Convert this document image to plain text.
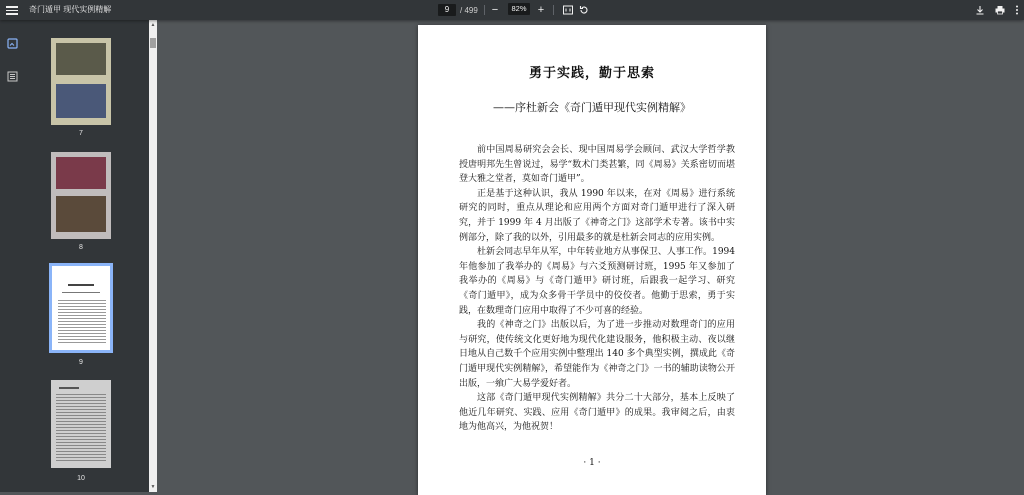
奇门遁甲 现代实例精解	9	/ 499	−	82%	+
7
8
9
10
▲
▼
勇于实践，勤于思索
——序杜新会《奇门遁甲现代实例精解》

前中国周易研究会会长、现中国周易学会顾问、武汉大学哲学教授唐明邦先生曾说过，易学“数术门类甚繁，同《周易》关系密切而堪登大雅之堂者，莫如奇门遁甲”。

正是基于这种认识，我从 1990 年以来，在对《周易》进行系统研究的同时，重点从理论和应用两个方面对奇门遁甲进行了深入研究，并于 1999 年 4 月出版了《神奇之门》这部学术专著。该书中实例部分，除了我的以外，引用最多的就是杜新会同志的应用实例。

杜新会同志早年从军，中年转业地方从事保卫、人事工作。1994 年他参加了我举办的《周易》与六爻预测研讨班，1995 年又参加了我举办的《周易》与《奇门遁甲》研讨班，后跟我一起学习、研究《奇门遁甲》，成为众多骨干学员中的佼佼者。他勤于思索，勇于实践，在数理奇门应用中取得了不少可喜的经验。

我的《神奇之门》出版以后，为了进一步推动对数理奇门的应用与研究，使传统文化更好地为现代化建设服务，他积极主动、夜以继日地从自己数千个应用实例中整理出 140 多个典型实例，撰成此《奇门遁甲现代实例精解》，希望能作为《神奇之门》一书的辅助读物公开出版，一飨广大易学爱好者。

这部《奇门遁甲现代实例精解》共分二十大部分，基本上反映了他近几年研究、实践、应用《奇门遁甲》的成果。我审阅之后，由衷地为他高兴，为他祝贺！

· 1 ·
